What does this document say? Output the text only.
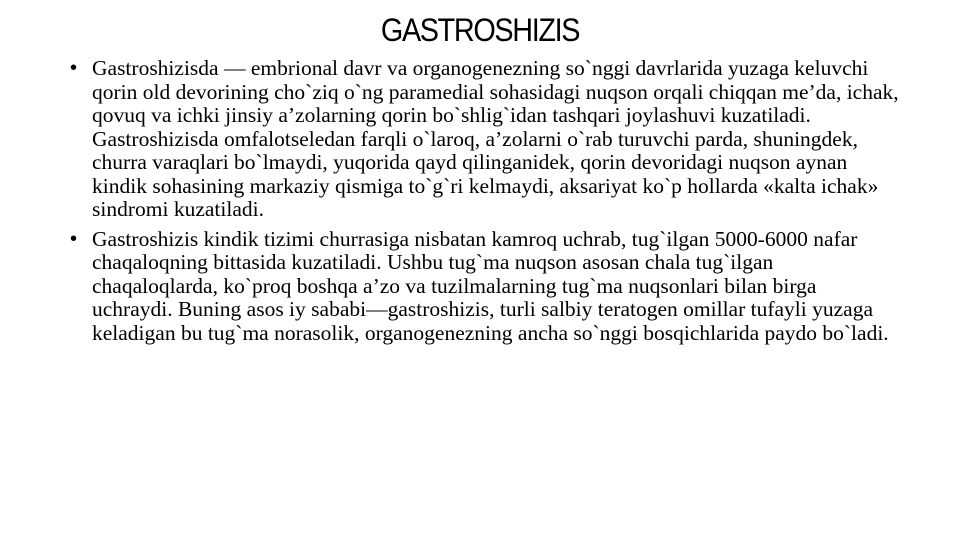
GASTROSHIZIS
• Gastroshizisda — embrional davr va organogenezning so`nggi davrlarida yuzaga keluvchi qorin old devorining cho`ziq o`ng paramedial sohasidagi nuqson orqali chiqqan me’da, ichak, qovuq va ichki jinsiy a’zolarning qorin bo`shlig`idan tashqari joylashuvi kuzatiladi. Gastroshizisda omfalotseledan farqli o`laroq, a’zolarni o`rab turuvchi parda, shuningdek, churra varaqlari bo`lmaydi, yuqorida qayd qilinganidek, qorin devoridagi nuqson aynan kindik sohasining markaziy qismiga to`g`ri kelmaydi, aksariyat ko`p hollarda «kalta ichak» sindromi kuzatiladi.
• Gastroshizis kindik tizimi churrasiga nisbatan kamroq uchrab, tug`ilgan 5000-6000 nafar chaqaloqning bittasida kuzatiladi. Ushbu tug`ma nuqson asosan chala tug`ilgan chaqaloqlarda, ko`proq boshqa a’zo va tuzilmalarning tug`ma nuqsonlari bilan birga uchraydi. Buning asos iy sababi—gastroshizis, turli salbiy teratogen omillar tufayli yuzaga keladigan bu tug`ma norasolik, organogenezning ancha so`nggi bosqichlarida paydo bo`ladi.
